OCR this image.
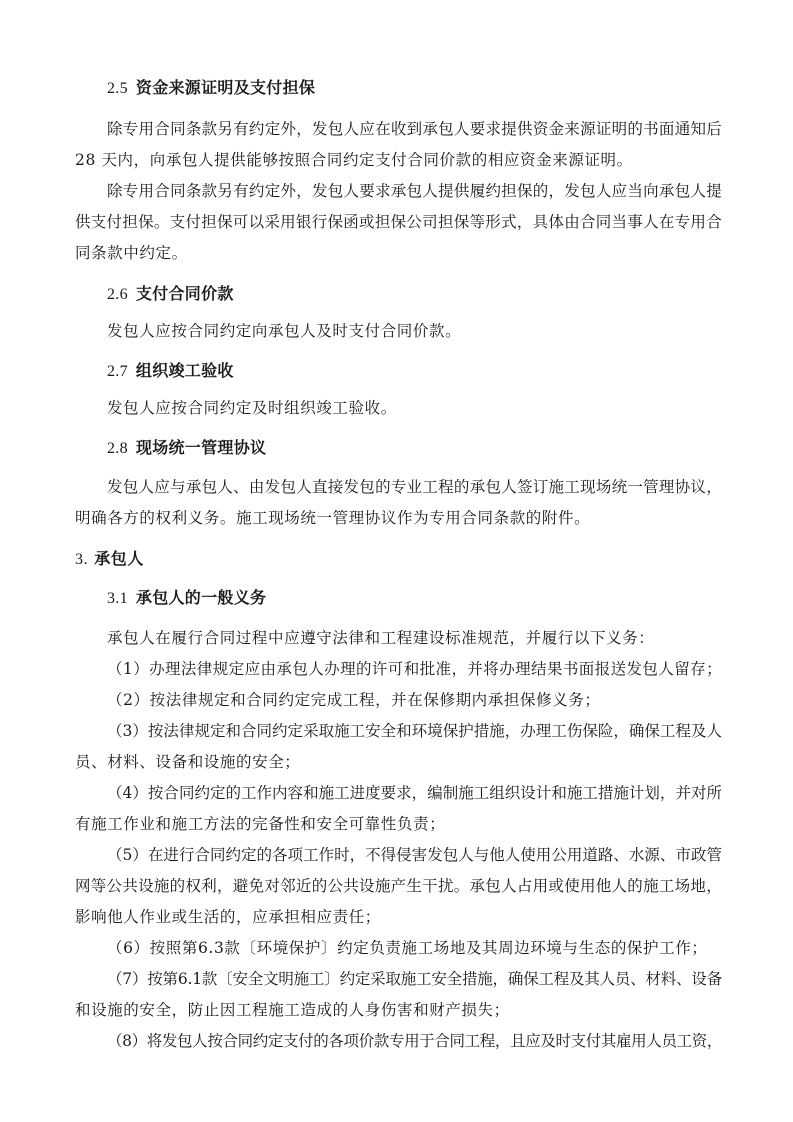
2.5 资金来源证明及支付担保
除专用合同条款另有约定外，发包人应在收到承包人要求提供资金来源证明的书面通知后
28 天内，向承包人提供能够按照合同约定支付合同价款的相应资金来源证明。
除专用合同条款另有约定外，发包人要求承包人提供履约担保的，发包人应当向承包人提
供支付担保。支付担保可以采用银行保函或担保公司担保等形式，具体由合同当事人在专用合
同条款中约定。
2.6 支付合同价款
发包人应按合同约定向承包人及时支付合同价款。
2.7 组织竣工验收
发包人应按合同约定及时组织竣工验收。
2.8 现场统一管理协议
发包人应与承包人、由发包人直接发包的专业工程的承包人签订施工现场统一管理协议，
明确各方的权利义务。施工现场统一管理协议作为专用合同条款的附件。
3. 承包人
3.1 承包人的一般义务
承包人在履行合同过程中应遵守法律和工程建设标准规范，并履行以下义务：
（1）办理法律规定应由承包人办理的许可和批准，并将办理结果书面报送发包人留存；
（2）按法律规定和合同约定完成工程，并在保修期内承担保修义务；
（3）按法律规定和合同约定采取施工安全和环境保护措施，办理工伤保险，确保工程及人
员、材料、设备和设施的安全；
（4）按合同约定的工作内容和施工进度要求，编制施工组织设计和施工措施计划，并对所
有施工作业和施工方法的完备性和安全可靠性负责；
（5）在进行合同约定的各项工作时，不得侵害发包人与他人使用公用道路、水源、市政管
网等公共设施的权利，避免对邻近的公共设施产生干扰。承包人占用或使用他人的施工场地，
影响他人作业或生活的，应承担相应责任；
（6）按照第6.3款〔环境保护〕约定负责施工场地及其周边环境与生态的保护工作；
（7）按第6.1款〔安全文明施工〕约定采取施工安全措施，确保工程及其人员、材料、设备
和设施的安全，防止因工程施工造成的人身伤害和财产损失；
（8）将发包人按合同约定支付的各项价款专用于合同工程，且应及时支付其雇用人员工资，
